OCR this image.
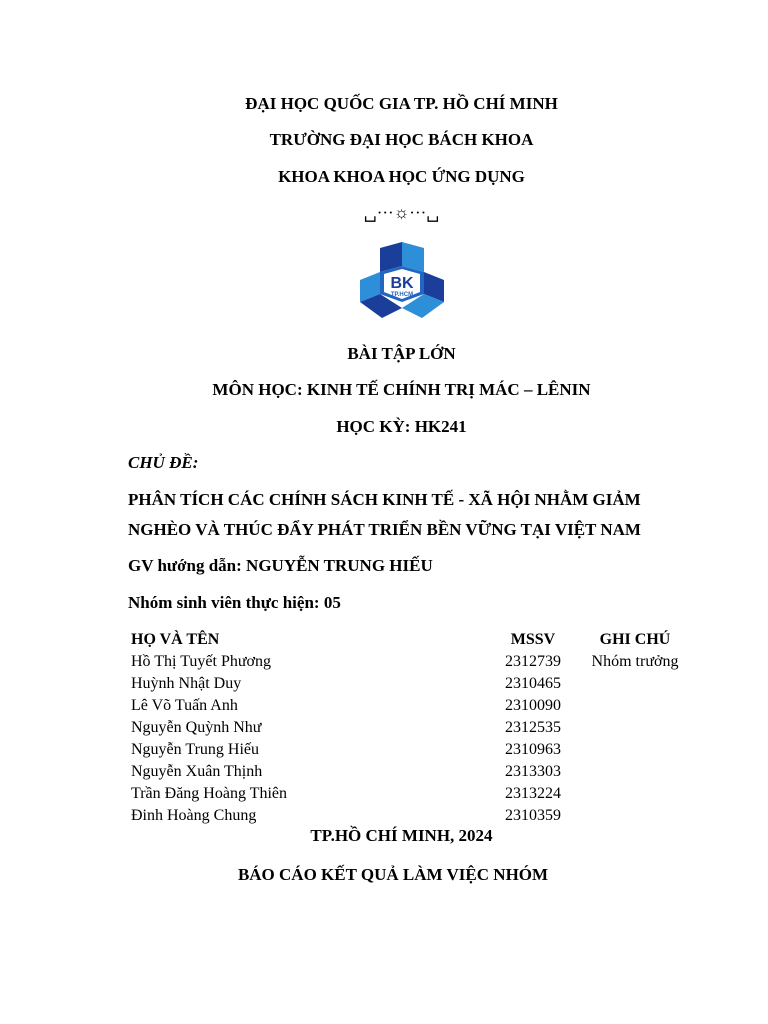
ĐẠI HỌC QUỐC GIA TP. HỒ CHÍ MINH
TRƯỜNG ĐẠI HỌC BÁCH KHOA
KHOA KHOA HỌC ỨNG DỤNG
␣···☼···␣
BK
TP.HCM
BÀI TẬP LỚN
MÔN HỌC: KINH TẾ CHÍNH TRỊ MÁC – LÊNIN
HỌC KỲ: HK241
CHỦ ĐỀ:
PHÂN TÍCH CÁC CHÍNH SÁCH KINH TẾ - XÃ HỘI NHẰM GIẢM
NGHÈO VÀ THÚC ĐẨY PHÁT TRIỂN BỀN VỮNG TẠI VIỆT NAM
GV hướng dẫn: NGUYỄN TRUNG HIẾU
Nhóm sinh viên thực hiện: 05
HỌ VÀ TÊN	MSSV	GHI CHÚ
Hồ Thị Tuyết Phương	2312739	Nhóm trưởng
Huỳnh Nhật Duy	2310465
Lê Võ Tuấn Anh	2310090
Nguyễn Quỳnh Như	2312535
Nguyễn Trung Hiếu	2310963
Nguyễn Xuân Thịnh	2313303
Trần Đăng Hoàng Thiên	2313224
Đinh Hoàng Chung	2310359
TP.HỒ CHÍ MINH, 2024
BÁO CÁO KẾT QUẢ LÀM VIỆC NHÓM
